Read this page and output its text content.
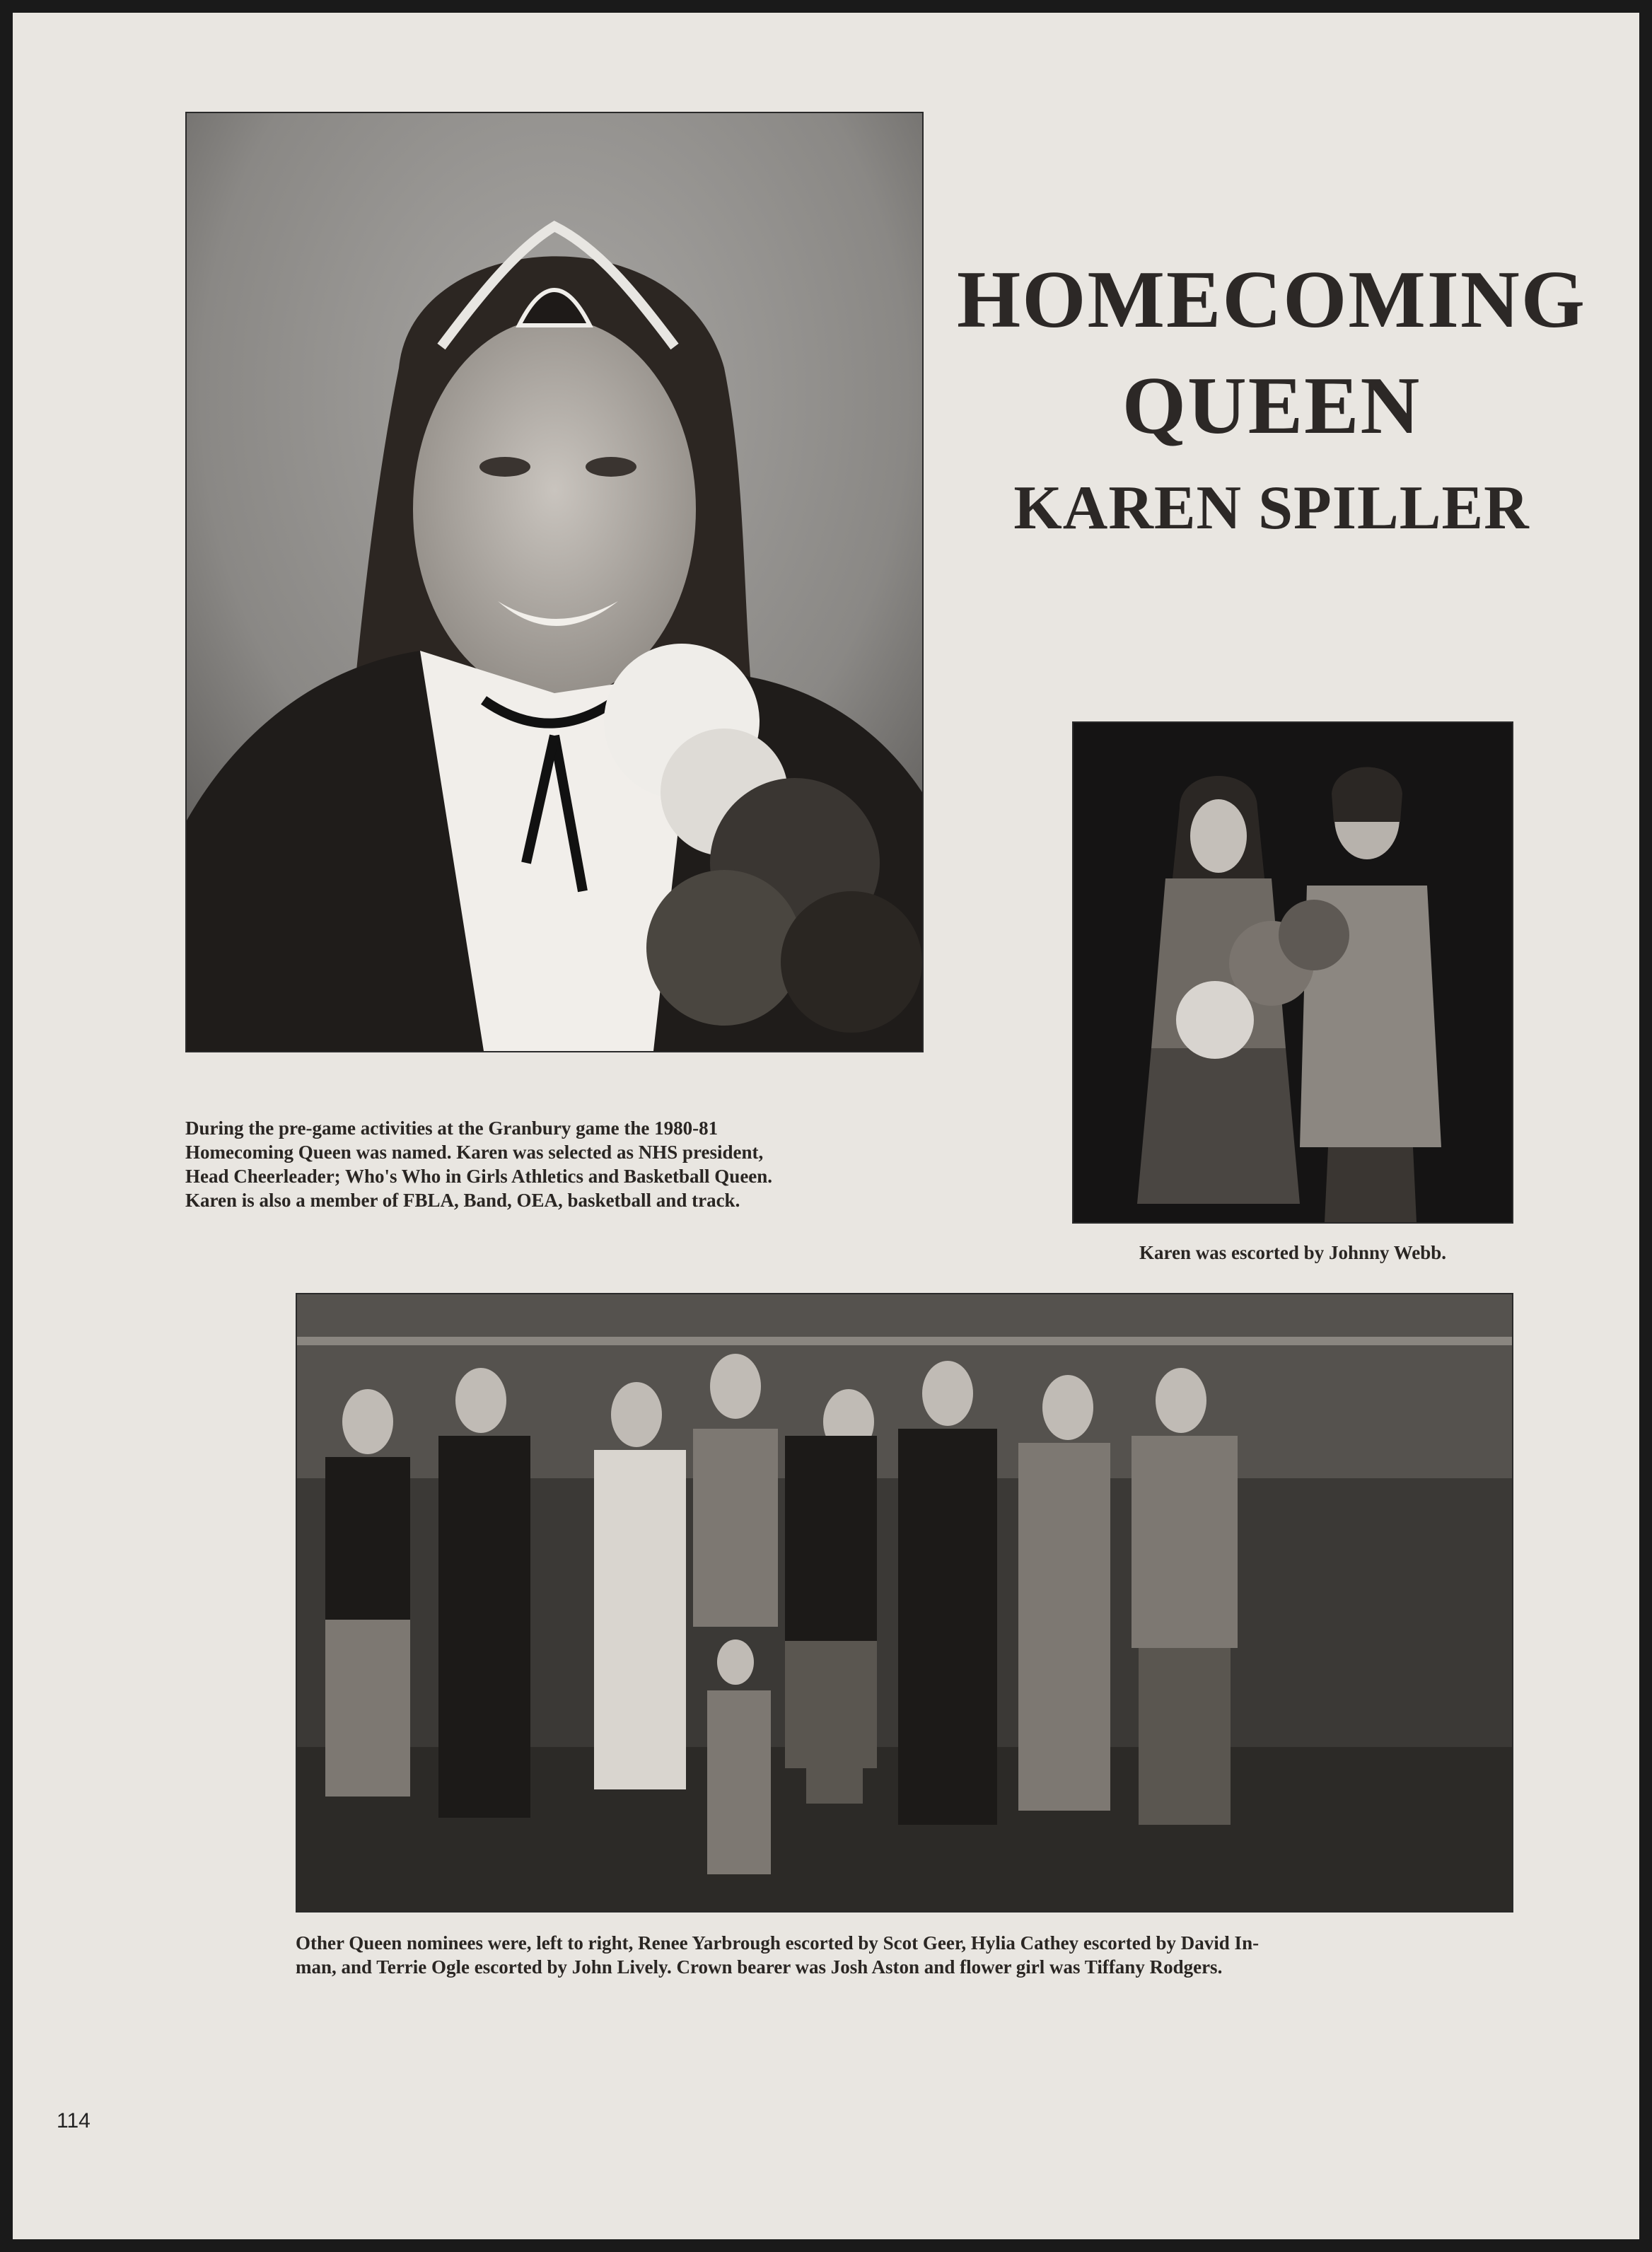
HOMECOMING
QUEEN
KAREN SPILLER
During the pre-game activities at the Granbury game the 1980-81
Homecoming Queen was named. Karen was selected as NHS president,
Head Cheerleader; Who's Who in Girls Athletics and Basketball Queen.
Karen is also a member of FBLA, Band, OEA, basketball and track.
Karen was escorted by Johnny Webb.
Other Queen nominees were, left to right, Renee Yarbrough escorted by Scot Geer, Hylia Cathey escorted by David In-
man, and Terrie Ogle escorted by John Lively. Crown bearer was Josh Aston and flower girl was Tiffany Rodgers.
114
